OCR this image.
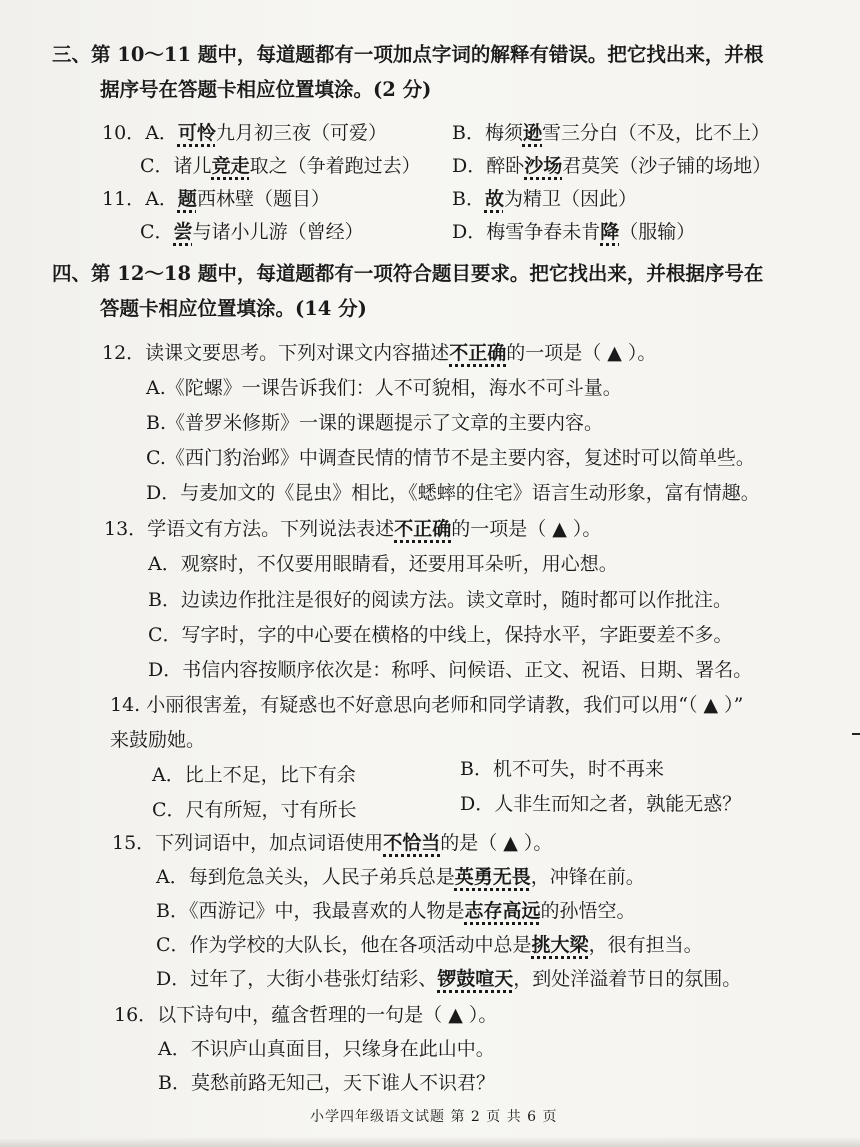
三、第 10～11 题中，每道题都有一项加点字词的解释有错误。把它找出来，并根
据序号在答题卡相应位置填涂。(2 分)
10．A．可怜九月初三夜（可爱）	B．梅须逊雪三分白（不及，比不上）
C．诸儿竞走取之（争着跑过去） D．醉卧沙场君莫笑（沙子铺的场地）
11．A．题西林壁（题目）	B．故为精卫（因此）
C．尝与诸小儿游（曾经）	D．梅雪争春未肯降（服输）
四、第 12～18 题中，每道题都有一项符合题目要求。把它找出来，并根据序号在
答题卡相应位置填涂。(14 分)
12．读课文要思考。下列对课文内容描述不正确的一项是（ ▲ ）。
A.《陀螺》一课告诉我们：人不可貌相，海水不可斗量。
B.《普罗米修斯》一课的课题提示了文章的主要内容。
C.《西门豹治邺》中调查民情的情节不是主要内容，复述时可以简单些。
D．与麦加文的《昆虫》相比，《蟋蟀的住宅》语言生动形象，富有情趣。
13．学语文有方法。下列说法表述不正确的一项是（ ▲ ）。
A．观察时，不仅要用眼睛看，还要用耳朵听，用心想。
B．边读边作批注是很好的阅读方法。读文章时，随时都可以作批注。
C．写字时，字的中心要在横格的中线上，保持水平，字距要差不多。
D．书信内容按顺序依次是：称呼、问候语、正文、祝语、日期、署名。
14. 小丽很害羞，有疑惑也不好意思向老师和同学请教，我们可以用“（ ▲ ）”
来鼓励她。
A．比上不足，比下有余	B．机不可失，时不再来
C．尺有所短，寸有所长	D．人非生而知之者，孰能无惑？
15．下列词语中，加点词语使用不恰当的是（ ▲ ）。
A．每到危急关头，人民子弟兵总是英勇无畏，冲锋在前。
B．《西游记》中，我最喜欢的人物是志存高远的孙悟空。
C．作为学校的大队长，他在各项活动中总是挑大梁，很有担当。
D．过年了，大街小巷张灯结彩、锣鼓喧天，到处洋溢着节日的氛围。
16．以下诗句中，蕴含哲理的一句是（ ▲ ）。
A．不识庐山真面目，只缘身在此山中。
B．莫愁前路无知己，天下谁人不识君？
小学四年级语文试题 第 2 页 共 6 页
